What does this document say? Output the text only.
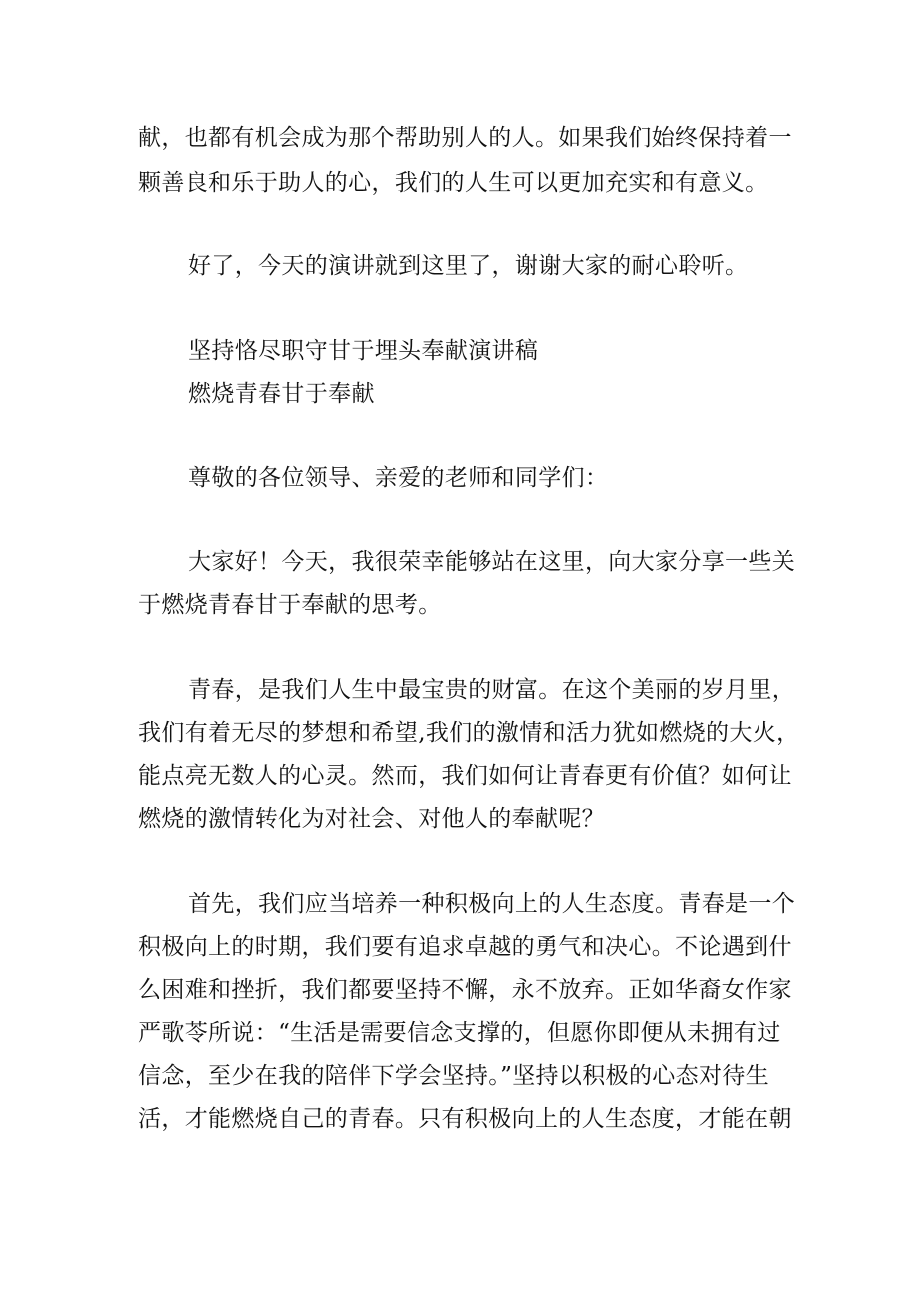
献，也都有机会成为那个帮助别人的人。如果我们始终保持着一
颗善良和乐于助人的心，我们的人生可以更加充实和有意义。
好了，今天的演讲就到这里了，谢谢大家的耐心聆听。
坚持恪尽职守甘于埋头奉献演讲稿
燃烧青春甘于奉献
尊敬的各位领导、亲爱的老师和同学们：
大家好！今天，我很荣幸能够站在这里，向大家分享一些关
于燃烧青春甘于奉献的思考。
青春，是我们人生中最宝贵的财富。在这个美丽的岁月里，
我们有着无尽的梦想和希望,我们的激情和活力犹如燃烧的大火，
能点亮无数人的心灵。然而，我们如何让青春更有价值？如何让
燃烧的激情转化为对社会、对他人的奉献呢？
首先，我们应当培养一种积极向上的人生态度。青春是一个
积极向上的时期，我们要有追求卓越的勇气和决心。不论遇到什
么困难和挫折，我们都要坚持不懈，永不放弃。正如华裔女作家
严歌苓所说：“生活是需要信念支撑的，但愿你即便从未拥有过
信念，至少在我的陪伴下学会坚持。”坚持以积极的心态对待生
活，才能燃烧自己的青春。只有积极向上的人生态度，才能在朝
